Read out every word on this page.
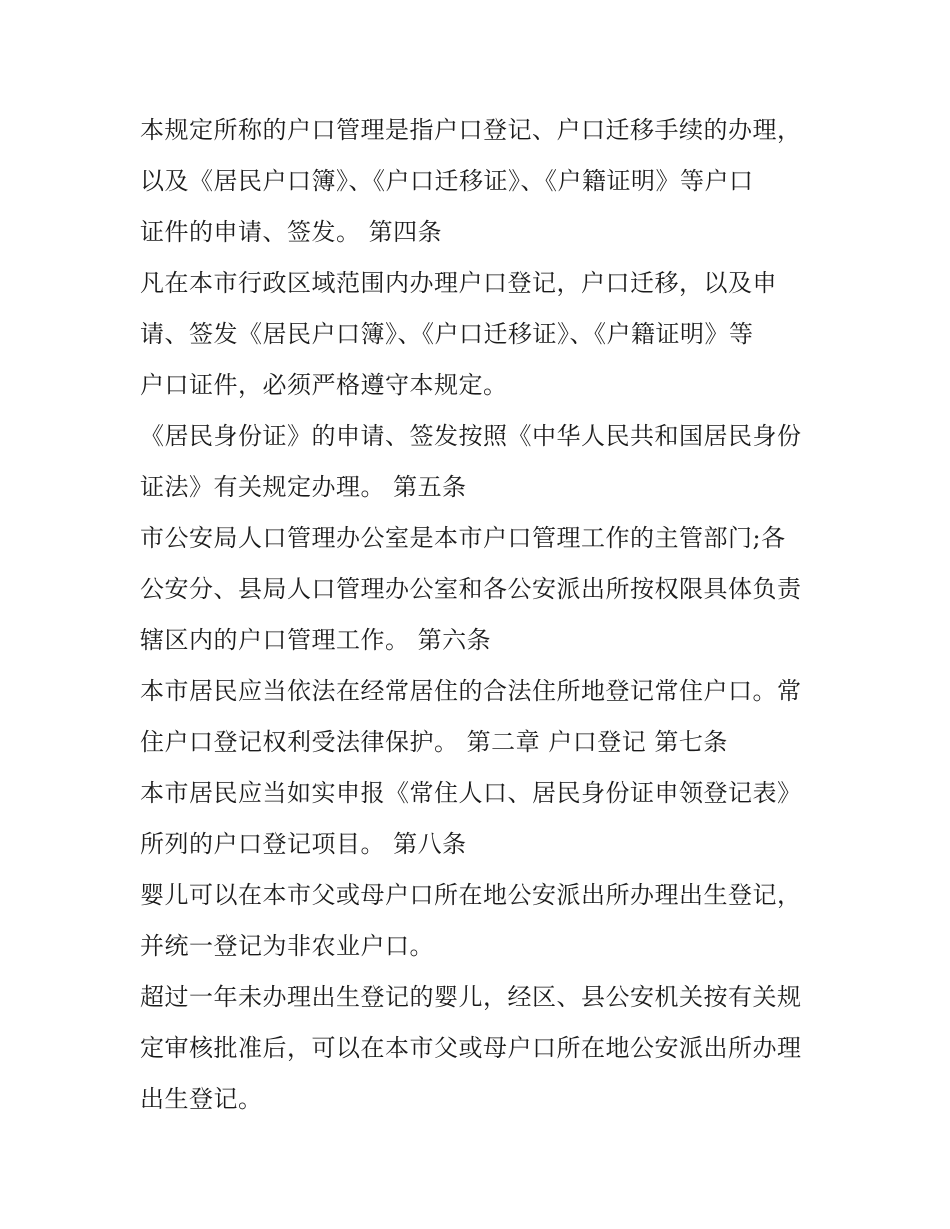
本规定所称的户口管理是指户口登记、户口迁移手续的办理，
以及《居民户口簿》、《户口迁移证》、《户籍证明》等户口
证件的申请、签发。 第四条
凡在本市行政区域范围内办理户口登记，户口迁移，以及申
请、签发《居民户口簿》、《户口迁移证》、《户籍证明》等
户口证件，必须严格遵守本规定。
《居民身份证》的申请、签发按照《中华人民共和国居民身份
证法》有关规定办理。 第五条
市公安局人口管理办公室是本市户口管理工作的主管部门;各
公安分、县局人口管理办公室和各公安派出所按权限具体负责
辖区内的户口管理工作。 第六条
本市居民应当依法在经常居住的合法住所地登记常住户口。常
住户口登记权利受法律保护。 第二章 户口登记 第七条
本市居民应当如实申报《常住人口、居民身份证申领登记表》
所列的户口登记项目。 第八条
婴儿可以在本市父或母户口所在地公安派出所办理出生登记，
并统一登记为非农业户口。
超过一年未办理出生登记的婴儿，经区、县公安机关按有关规
定审核批准后，可以在本市父或母户口所在地公安派出所办理
出生登记。
